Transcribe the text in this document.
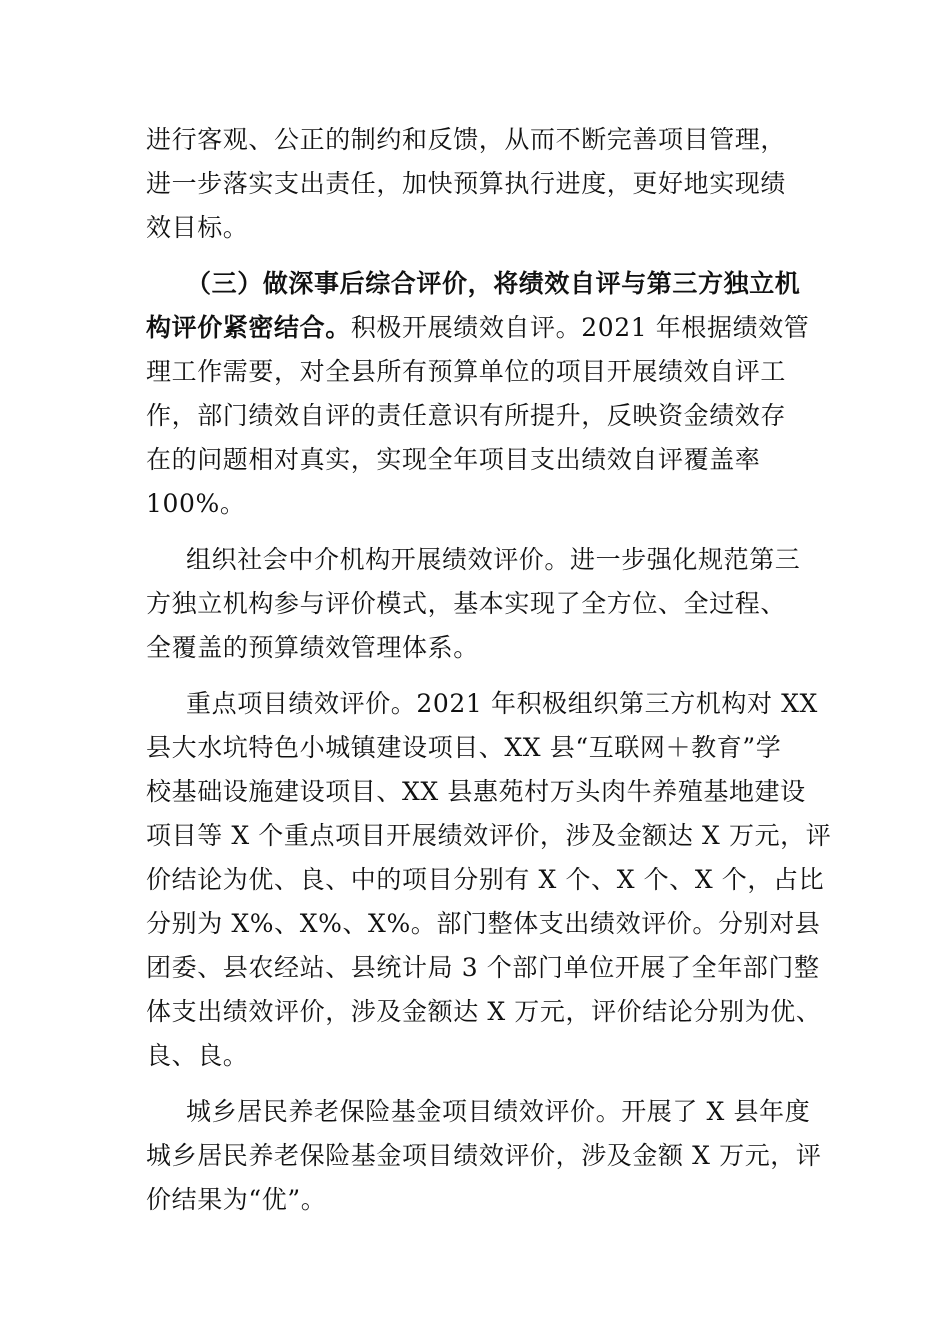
进行客观、公正的制约和反馈，从而不断完善项目管理，
进一步落实支出责任，加快预算执行进度，更好地实现绩
效目标。
（三）做深事后综合评价，将绩效自评与第三方独立机
构评价紧密结合。积极开展绩效自评。2021 年根据绩效管
理工作需要，对全县所有预算单位的项目开展绩效自评工
作，部门绩效自评的责任意识有所提升，反映资金绩效存
在的问题相对真实，实现全年项目支出绩效自评覆盖率
100%。
组织社会中介机构开展绩效评价。进一步强化规范第三
方独立机构参与评价模式，基本实现了全方位、全过程、
全覆盖的预算绩效管理体系。
重点项目绩效评价。2021 年积极组织第三方机构对 XX
县大水坑特色小城镇建设项目、XX 县“互联网＋教育”学
校基础设施建设项目、XX 县惠苑村万头肉牛养殖基地建设
项目等 X 个重点项目开展绩效评价，涉及金额达 X 万元，评
价结论为优、良、中的项目分别有 X 个、X 个、X 个，占比
分别为 X%、X%、X%。部门整体支出绩效评价。分别对县
团委、县农经站、县统计局 3 个部门单位开展了全年部门整
体支出绩效评价，涉及金额达 X 万元，评价结论分别为优、
良、良。
城乡居民养老保险基金项目绩效评价。开展了 X 县年度
城乡居民养老保险基金项目绩效评价，涉及金额 X 万元，评
价结果为“优”。
